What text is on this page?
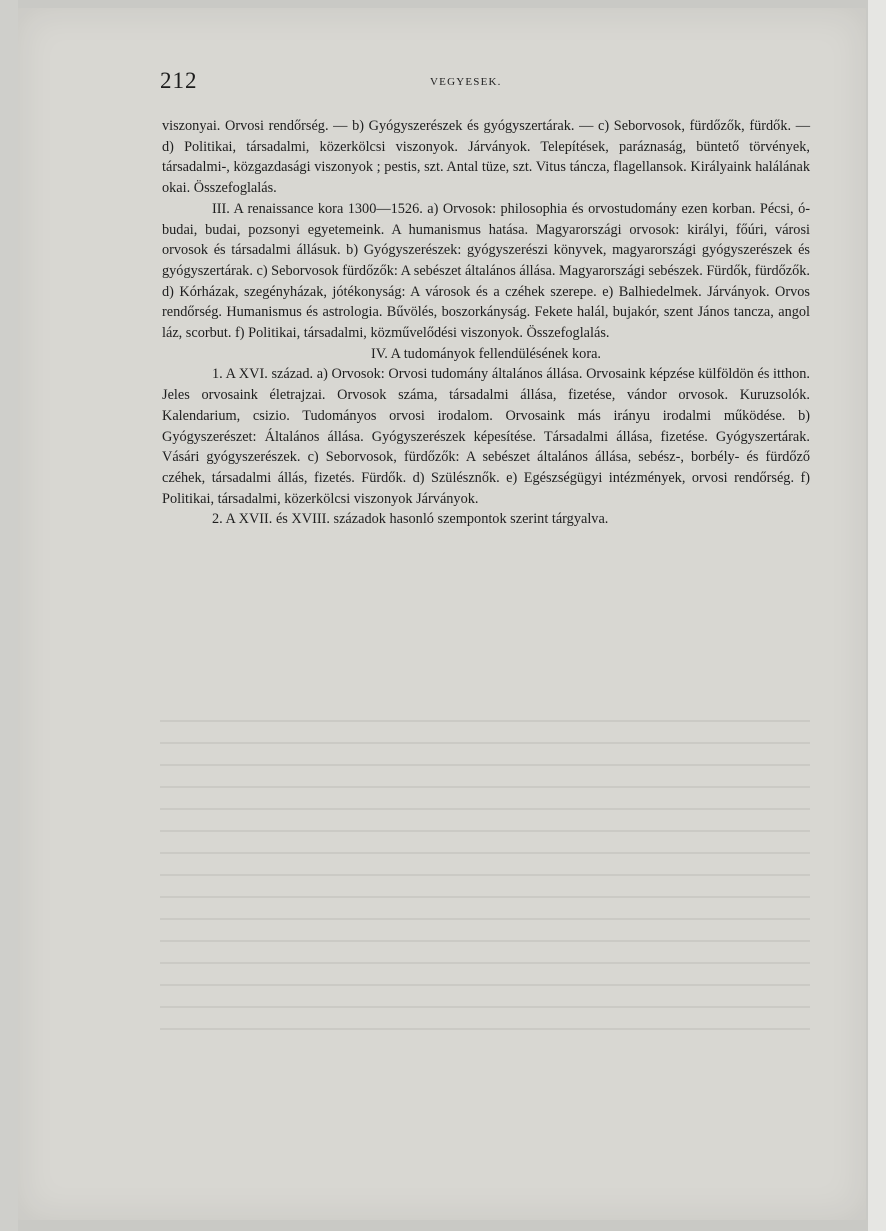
212	VEGYESEK.

viszonyai. Orvosi rendőrség. — b) Gyógyszerészek és gyógyszertárak. — c) Seborvosok, fürdőzők, fürdők. — d) Politikai, társadalmi, közerkölcsi viszonyok. Járványok. Telepítések, paráznaság, büntető törvények, társadalmi-, közgazdasági viszonyok ; pestis, szt. Antal tüze, szt. Vitus táncza, flagellansok. Királyaink halálának okai. Összefoglalás.

III. A renaissance kora 1300—1526. a) Orvosok: philosophia és orvostudomány ezen korban. Pécsi, ó-budai, budai, pozsonyi egyetemeink. A humanismus hatása. Magyarországi orvosok: királyi, főúri, városi orvosok és társadalmi állásuk. b) Gyógyszerészek: gyógyszerészi könyvek, magyarországi gyógyszerészek és gyógyszertárak. c) Seborvosok fürdőzők: A sebészet általános állása. Magyarországi sebészek. Fürdők, fürdőzők. d) Kórházak, szegényházak, jótékonyság: A városok és a czéhek szerepe. e) Balhiedelmek. Járványok. Orvos rendőrség. Humanismus és astrologia. Bűvölés, boszorkányság. Fekete halál, bujakór, szent János tancza, angol láz, scorbut. f) Politikai, társadalmi, közművelődési viszonyok. Összefoglalás.

IV. A tudományok fellendülésének kora.

1. A XVI. század. a) Orvosok: Orvosi tudomány általános állása. Orvosaink képzése külföldön és itthon. Jeles orvosaink életrajzai. Orvosok száma, társadalmi állása, fizetése, vándor orvosok. Kuruzsolók. Kalendarium, csizio. Tudományos orvosi irodalom. Orvosaink más irányu irodalmi működése. b) Gyógyszerészet: Általános állása. Gyógyszerészek képesítése. Társadalmi állása, fizetése. Gyógyszertárak. Vásári gyógyszerészek. c) Seborvosok, fürdőzők: A sebészet általános állása, sebész-, borbély- és fürdőző czéhek, társadalmi állás, fizetés. Fürdők. d) Szülésznők. e) Egészségügyi intézmények, orvosi rendőrség. f) Politikai, társadalmi, közerkölcsi viszonyok Járványok.

2. A XVII. és XVIII. századok hasonló szempontok szerint tárgyalva.
